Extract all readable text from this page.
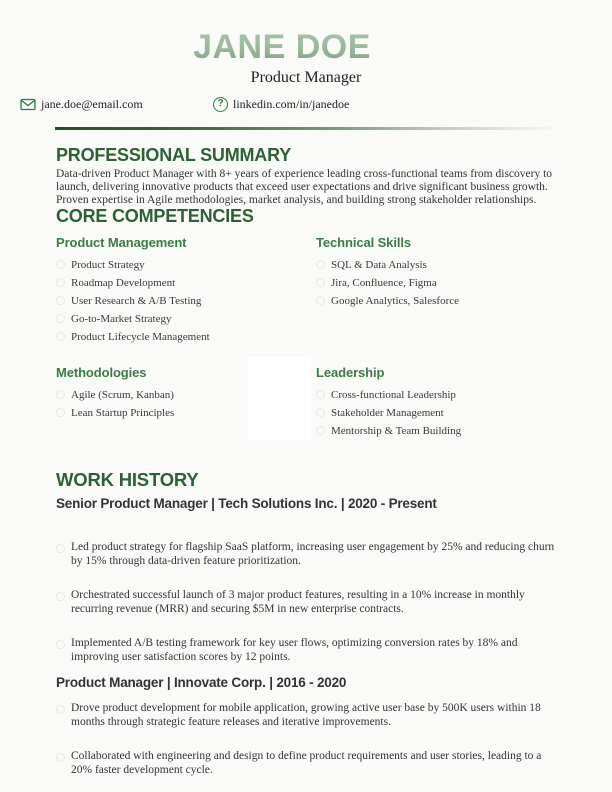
JANE DOE
Product Manager
jane.doe@email.com	? linkedin.com/in/janedoe
PROFESSIONAL SUMMARY

Data-driven Product Manager with 8+ years of experience leading cross-functional teams from discovery to launch, delivering innovative products that exceed user expectations and drive significant business growth. Proven expertise in Agile methodologies, market analysis, and building strong stakeholder relationships.

CORE COMPETENCIES
Product Management
Product Strategy
Roadmap Development
User Research & A/B Testing
Go-to-Market Strategy
Product Lifecycle Management
Technical Skills
SQL & Data Analysis
Jira, Confluence, Figma
Google Analytics, Salesforce
Methodologies
Agile (Scrum, Kanban)
Lean Startup Principles
Leadership
Cross-functional Leadership
Stakeholder Management
Mentorship & Team Building
WORK HISTORY
Senior Product Manager | Tech Solutions Inc. | 2020 - Present
Led product strategy for flagship SaaS platform, increasing user engagement by 25% and reducing churn by 15% through data-driven feature prioritization.
Orchestrated successful launch of 3 major product features, resulting in a 10% increase in monthly recurring revenue (MRR) and securing $5M in new enterprise contracts.
Implemented A/B testing framework for key user flows, optimizing conversion rates by 18% and improving user satisfaction scores by 12 points.
Product Manager | Innovate Corp. | 2016 - 2020
Drove product development for mobile application, growing active user base by 500K users within 18 months through strategic feature releases and iterative improvements.
Collaborated with engineering and design to define product requirements and user stories, leading to a 20% faster development cycle.
